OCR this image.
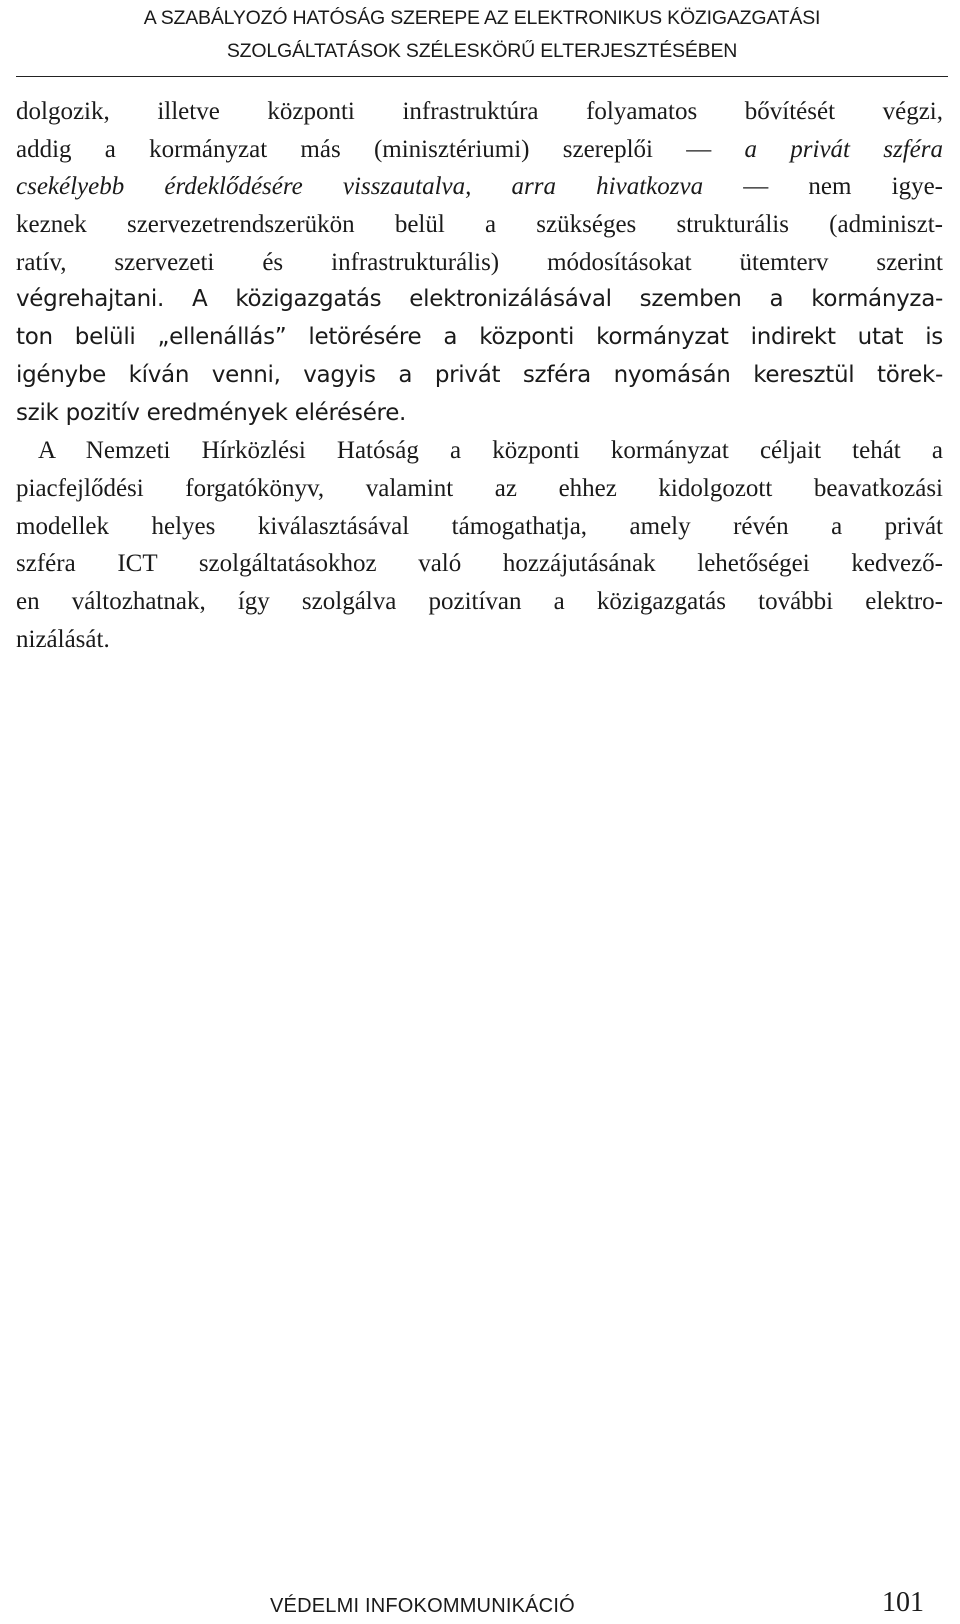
A SZABÁLYOZÓ HATÓSÁG SZEREPE AZ ELEKTRONIKUS KÖZIGAZGATÁSI
SZOLGÁLTATÁSOK SZÉLESKÖRŰ ELTERJESZTÉSÉBEN
dolgozik, illetve központi infrastruktúra folyamatos bővítését végzi,
addig a kormányzat más (minisztériumi) szereplői — a privát szféra
csekélyebb érdeklődésére visszautalva, arra hivatkozva — nem igye-
keznek szervezetrendszerükön belül a szükséges strukturális (adminiszt-
ratív, szervezeti és infrastrukturális) módosításokat ütemterv szerint
végrehajtani. A közigazgatás elektronizálásával szemben a kormányza-
ton belüli „ellenállás” letörésére a központi kormányzat indirekt utat is
igénybe kíván venni, vagyis a privát szféra nyomásán keresztül törek-
szik pozitív eredmények elérésére.
A Nemzeti Hírközlési Hatóság a központi kormányzat céljait tehát a
piacfejlődési forgatókönyv, valamint az ehhez kidolgozott beavatkozási
modellek helyes kiválasztásával támogathatja, amely révén a privát
szféra ICT szolgáltatásokhoz való hozzájutásának lehetőségei kedvező-
en változhatnak, így szolgálva pozitívan a közigazgatás további elektro-
nizálását.
VÉDELMI INFOKOMMUNIKÁCIÓ	101
